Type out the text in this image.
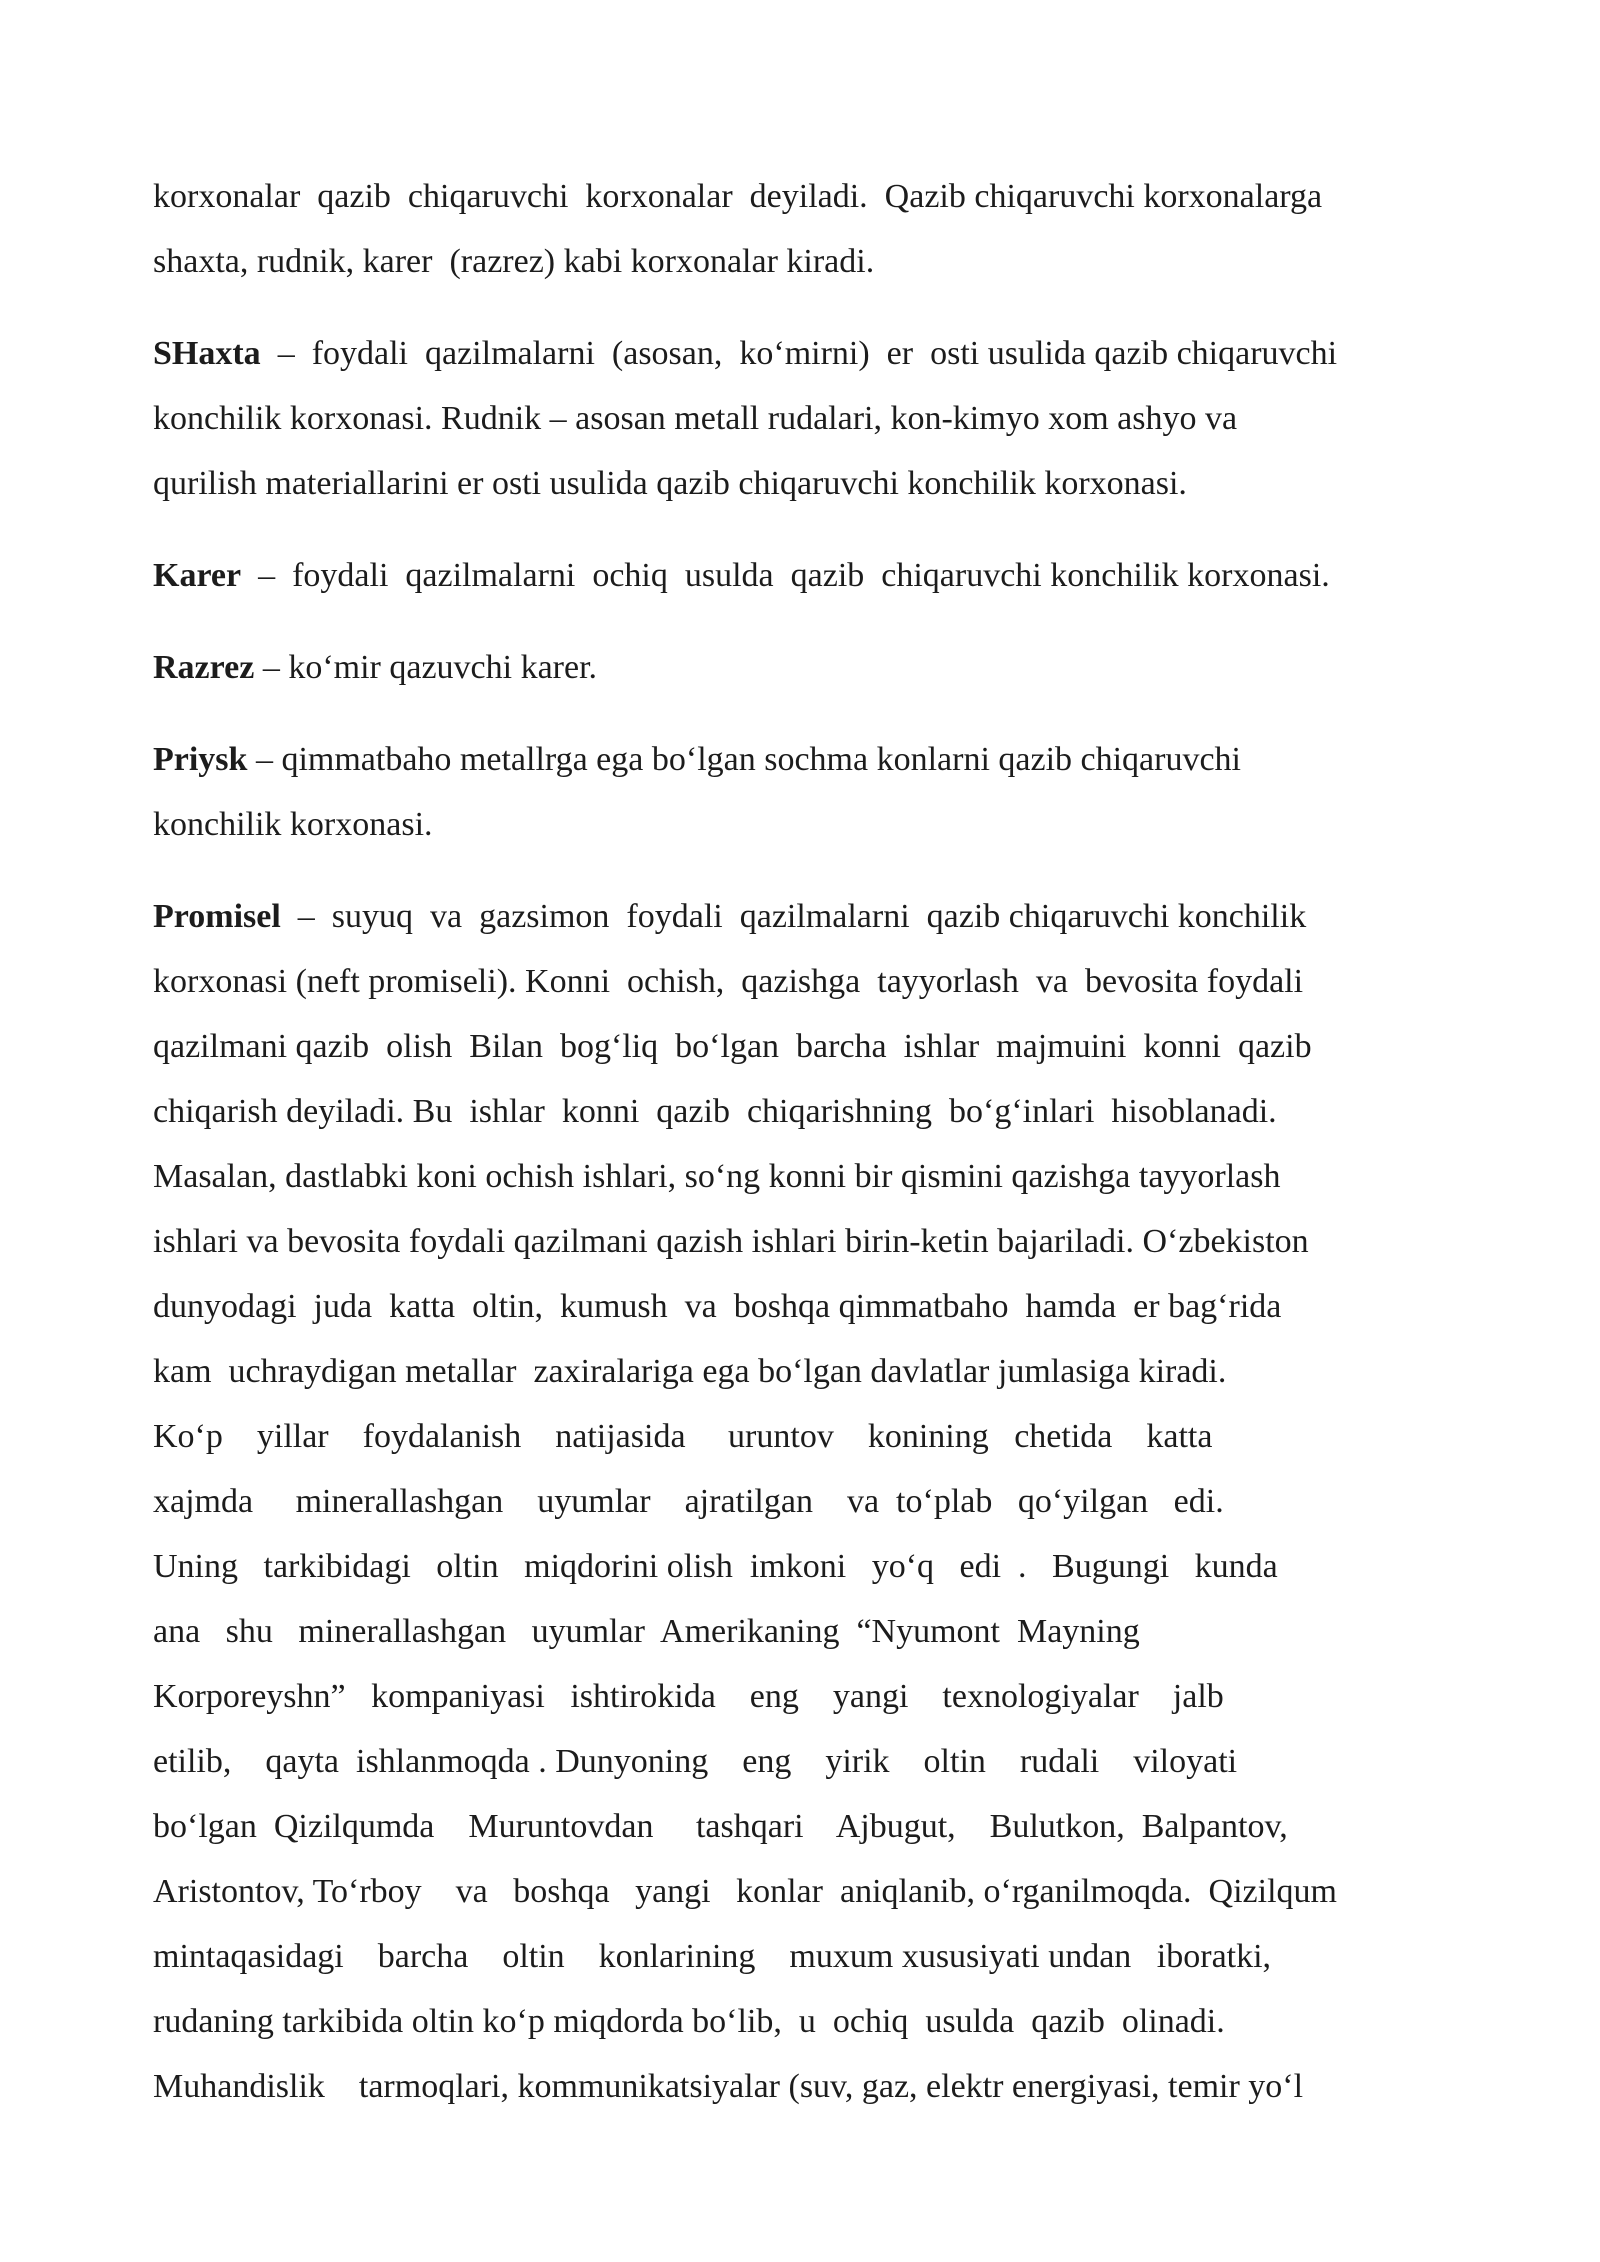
korxonalar  qazib  chiqaruvchi  korxonalar  deyiladi.  Qazib chiqaruvchi korxonalarga
shaxta, rudnik, karer  (razrez) kabi korxonalar kiradi.

SHaxta  –  foydali  qazilmalarni  (asosan,  ko‘mirni)  er  osti usulida qazib chiqaruvchi
konchilik korxonasi. Rudnik – asosan metall rudalari, kon-kimyo xom ashyo va
qurilish materiallarini er osti usulida qazib chiqaruvchi konchilik korxonasi.

Karer  –  foydali  qazilmalarni  ochiq  usulda  qazib  chiqaruvchi konchilik korxonasi.

Razrez – ko‘mir qazuvchi karer.

Priysk – qimmatbaho metallrga ega bo‘lgan sochma konlarni qazib chiqaruvchi
konchilik korxonasi.

Promisel  –  suyuq  va  gazsimon  foydali  qazilmalarni  qazib chiqaruvchi konchilik
korxonasi (neft promiseli). Konni  ochish,  qazishga  tayyorlash  va  bevosita foydali
qazilmani qazib  olish  Bilan  bog‘liq  bo‘lgan  barcha  ishlar  majmuini  konni  qazib
chiqarish deyiladi. Bu  ishlar  konni  qazib  chiqarishning  bo‘g‘inlari  hisoblanadi.
Masalan, dastlabki koni ochish ishlari, so‘ng konni bir qismini qazishga tayyorlash
ishlari va bevosita foydali qazilmani qazish ishlari birin-ketin bajariladi. O‘zbekiston
dunyodagi  juda  katta  oltin,  kumush  va  boshqa qimmatbaho  hamda  er bag‘rida
kam  uchraydigan metallar  zaxiralariga ega bo‘lgan davlatlar jumlasiga kiradi.
Ko‘p    yillar    foydalanish    natijasida     uruntov    konining   chetida    katta
xajmda     minerallashgan    uyumlar    ajratilgan    va  to‘plab   qo‘yilgan   edi.
Uning   tarkibidagi   oltin   miqdorini olish  imkoni   yo‘q   edi  .   Bugungi   kunda
ana   shu   minerallashgan   uyumlar  Amerikaning  “Nyumont  Mayning
Korporeyshn”   kompaniyasi   ishtirokida    eng    yangi    texnologiyalar    jalb
etilib,    qayta  ishlanmoqda . Dunyoning    eng    yirik    oltin    rudali    viloyati
bo‘lgan  Qizilqumda    Muruntovdan     tashqari    Ajbugut,    Bulutkon,  Balpantov,
Aristontov, To‘rboy    va   boshqa   yangi   konlar  aniqlanib, o‘rganilmoqda.  Qizilqum
mintaqasidagi    barcha    oltin    konlarining    muxum xususiyati undan   iboratki,
rudaning tarkibida oltin ko‘p miqdorda bo‘lib,  u  ochiq  usulda  qazib  olinadi.
Muhandislik    tarmoqlari, kommunikatsiyalar (suv, gaz, elektr energiyasi, temir yo‘l
